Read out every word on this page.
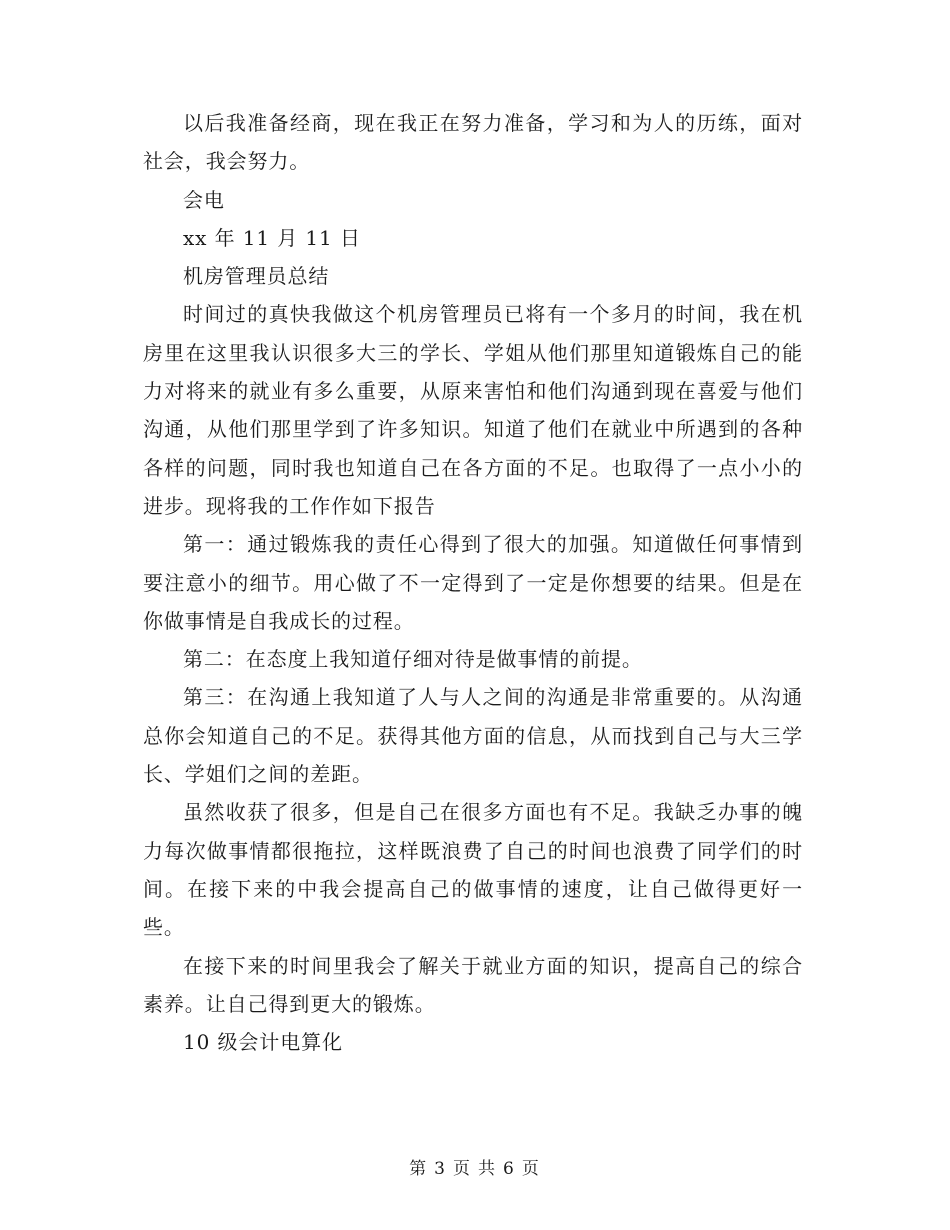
以后我准备经商，现在我正在努力准备，学习和为人的历练，面对社会，我会努力。

会电

xx 年 11 月 11 日

机房管理员总结

时间过的真快我做这个机房管理员已将有一个多月的时间，我在机房里在这里我认识很多大三的学长、学姐从他们那里知道锻炼自己的能力对将来的就业有多么重要，从原来害怕和他们沟通到现在喜爱与他们沟通，从他们那里学到了许多知识。知道了他们在就业中所遇到的各种各样的问题，同时我也知道自己在各方面的不足。也取得了一点小小的进步。现将我的工作作如下报告

第一：通过锻炼我的责任心得到了很大的加强。知道做任何事情到要注意小的细节。用心做了不一定得到了一定是你想要的结果。但是在你做事情是自我成长的过程。

第二：在态度上我知道仔细对待是做事情的前提。

第三：在沟通上我知道了人与人之间的沟通是非常重要的。从沟通总你会知道自己的不足。获得其他方面的信息，从而找到自己与大三学长、学姐们之间的差距。

虽然收获了很多，但是自己在很多方面也有不足。我缺乏办事的魄力每次做事情都很拖拉，这样既浪费了自己的时间也浪费了同学们的时间。在接下来的中我会提高自己的做事情的速度，让自己做得更好一些。

在接下来的时间里我会了解关于就业方面的知识，提高自己的综合素养。让自己得到更大的锻炼。

10 级会计电算化

第 3 页 共 6 页
